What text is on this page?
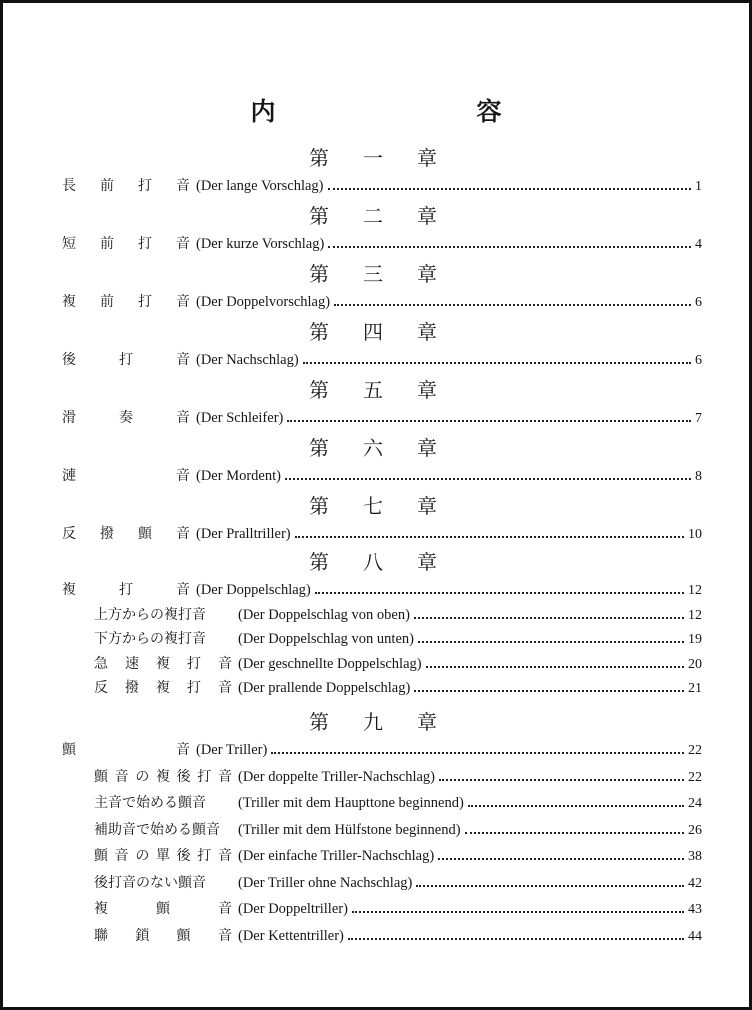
内　容
第一章
長 前 打 音 (Der lange Vorschlag)	1
第二章
短 前 打 音 (Der kurze Vorschlag)	4
第三章
複 前 打 音 (Der Doppelvorschlag)	6
第四章
後	打	音 (Der Nachschlag)	6
第五章
滑	奏	音 (Der Schleifer)	7
第六章
漣	音 (Der Mordent)	8
第七章
反 撥 顫 音 (Der Pralltriller)	10
第八章
複	打	音 (Der Doppelschlag)	12
上方からの複打音	(Der Doppelschlag von oben)	12
下方からの複打音	(Der Doppelschlag von unten)	19
急 速 複 打 音 (Der geschnellte Doppelschlag)	20
反 撥 複 打 音 (Der prallende Doppelschlag)	21
第九章
顫	音 (Der Triller)	22
顫 音 の 複 後 打 音 (Der doppelte Triller-Nachschlag)	22
主音で始める顫音	(Triller mit dem Haupttone beginnend)	24
補助音で始める顫音	(Triller mit dem Hülfstone beginnend)	26
顫 音 の 單 後 打 音 (Der einfache Triller-Nachschlag)	38
後打音のない顫音	(Der Triller ohne Nachschlag)	42
複	顫	音 (Der Doppeltriller)	43
聯 鎖 顫 音 (Der Kettentriller)	44
